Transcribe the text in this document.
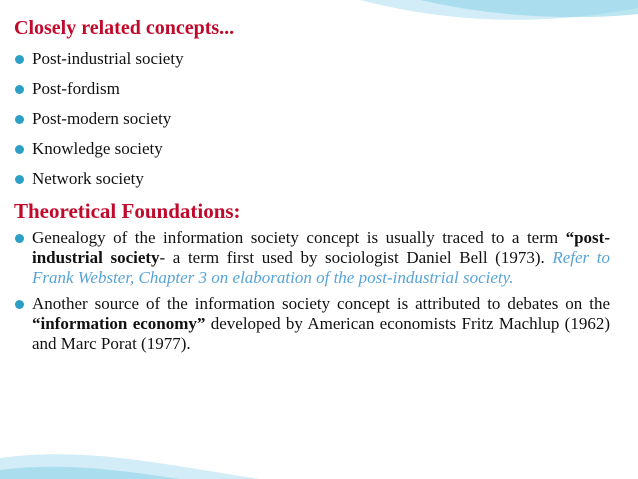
Closely related concepts...
Post-industrial society
Post-fordism
Post-modern society
Knowledge society
Network society
Theoretical Foundations:
Genealogy of the information society concept is usually traced to a term “post-industrial society- a term first used by sociologist Daniel Bell (1973). Refer to Frank Webster, Chapter 3 on elaboration of the post-industrial society.
Another source of the information society concept is attributed to debates on the “information economy” developed by American economists Fritz Machlup (1962) and Marc Porat (1977).
